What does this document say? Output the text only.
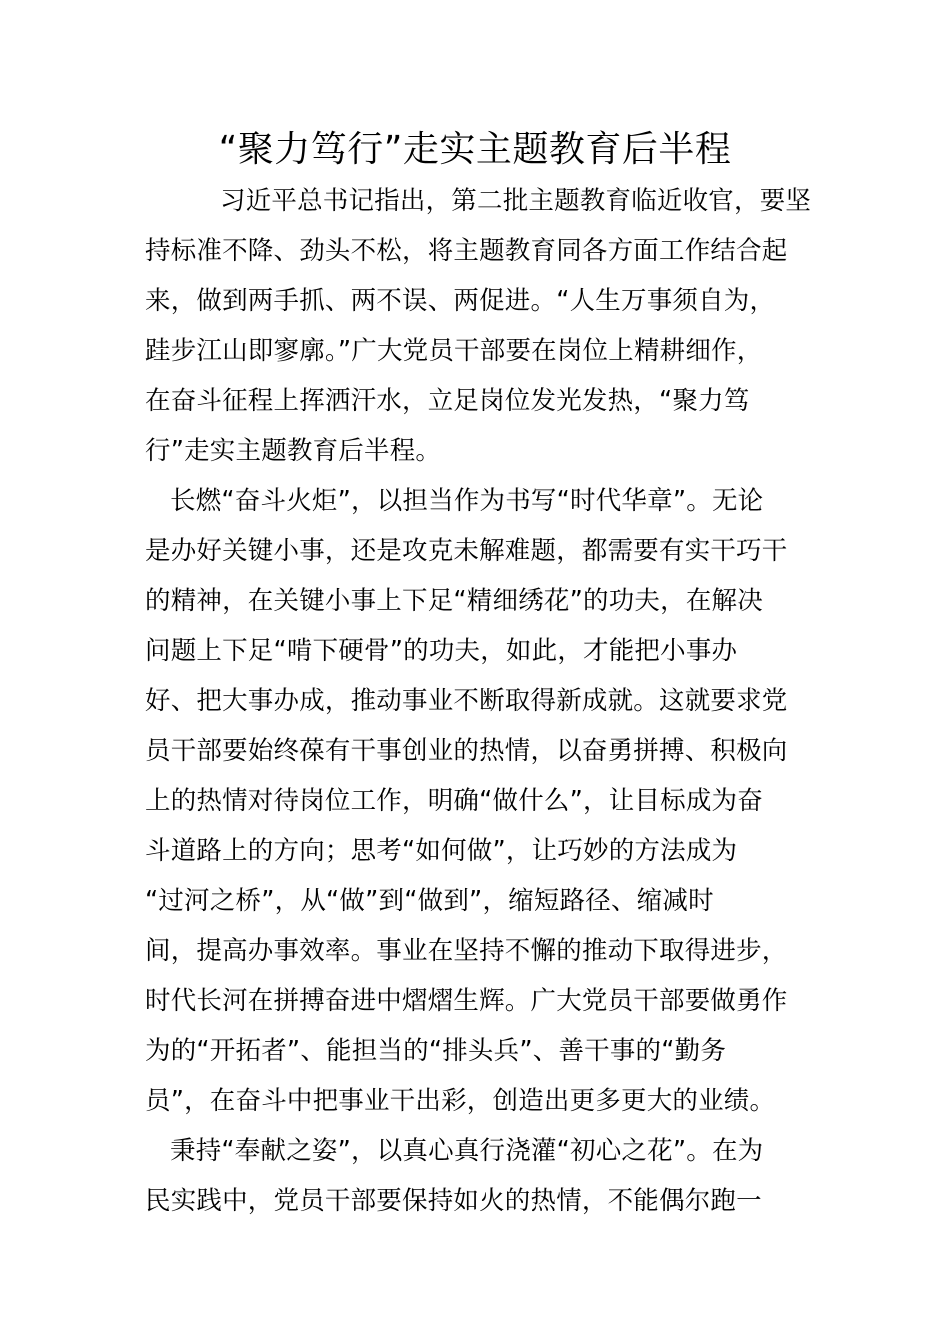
“聚力笃行”走实主题教育后半程
习近平总书记指出，第二批主题教育临近收官，要坚
持标准不降、劲头不松，将主题教育同各方面工作结合起
来，做到两手抓、两不误、两促进。“人生万事须自为，
跬步江山即寥廓。”广大党员干部要在岗位上精耕细作，
在奋斗征程上挥洒汗水，立足岗位发光发热，“聚力笃
行”走实主题教育后半程。
长燃“奋斗火炬”，以担当作为书写“时代华章”。无论
是办好关键小事，还是攻克未解难题，都需要有实干巧干
的精神，在关键小事上下足“精细绣花”的功夫，在解决
问题上下足“啃下硬骨”的功夫，如此，才能把小事办
好、把大事办成，推动事业不断取得新成就。这就要求党
员干部要始终葆有干事创业的热情，以奋勇拼搏、积极向
上的热情对待岗位工作，明确“做什么”，让目标成为奋
斗道路上的方向；思考“如何做”，让巧妙的方法成为
“过河之桥”，从“做”到“做到”，缩短路径、缩减时
间，提高办事效率。事业在坚持不懈的推动下取得进步，
时代长河在拼搏奋进中熠熠生辉。广大党员干部要做勇作
为的“开拓者”、能担当的“排头兵”、善干事的“勤务
员”，在奋斗中把事业干出彩，创造出更多更大的业绩。
秉持“奉献之姿”，以真心真行浇灌“初心之花”。在为
民实践中，党员干部要保持如火的热情，不能偶尔跑一
